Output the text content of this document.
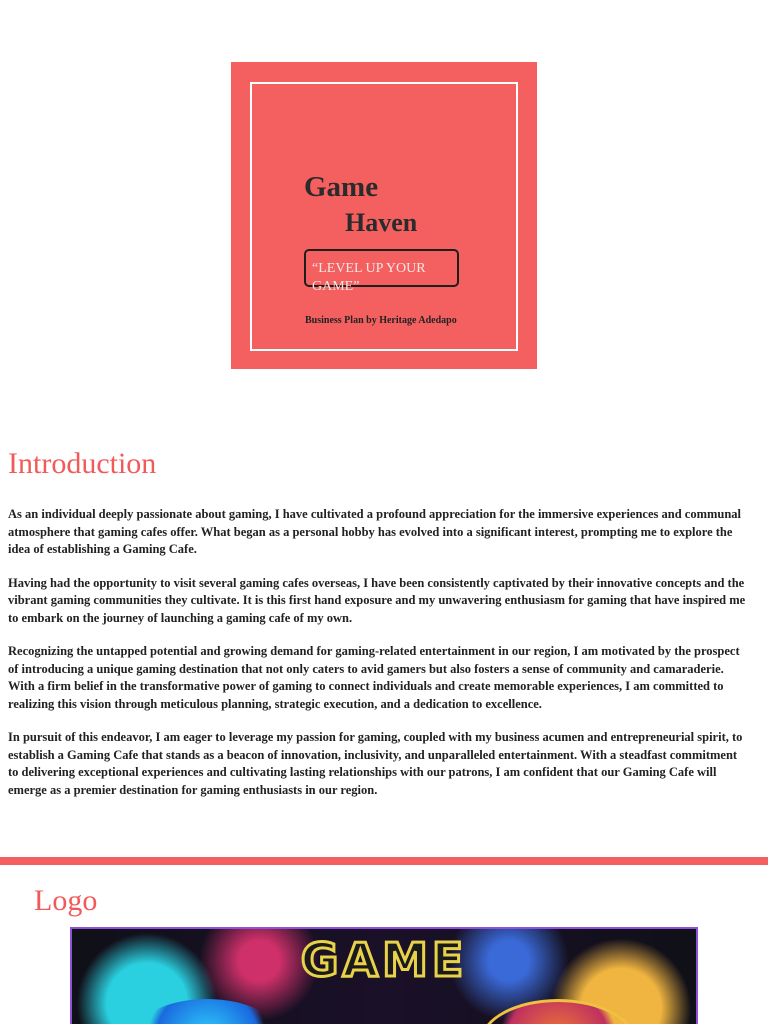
Game
Haven
“LEVEL UP YOUR GAME”
Business Plan by Heritage Adedapo
Introduction

As an individual deeply passionate about gaming, I have cultivated a profound appreciation for the immersive experiences and communal atmosphere that gaming cafes offer. What began as a personal hobby has evolved into a significant interest, prompting me to explore the idea of establishing a Gaming Cafe.

Having had the opportunity to visit several gaming cafes overseas, I have been consistently captivated by their innovative concepts and the vibrant gaming communities they cultivate. It is this first hand exposure and my unwavering enthusiasm for gaming that have inspired me to embark on the journey of launching a gaming cafe of my own.

Recognizing the untapped potential and growing demand for gaming-related entertainment in our region, I am motivated by the prospect of introducing a unique gaming destination that not only caters to avid gamers but also fosters a sense of community and camaraderie. With a firm belief in the transformative power of gaming to connect individuals and create memorable experiences, I am committed to realizing this vision through meticulous planning, strategic execution, and a dedication to excellence.

In pursuit of this endeavor, I am eager to leverage my passion for gaming, coupled with my business acumen and entrepreneurial spirit, to establish a Gaming Cafe that stands as a beacon of innovation, inclusivity, and unparalleled entertainment. With a steadfast commitment to delivering exceptional experiences and cultivating lasting relationships with our patrons, I am confident that our Gaming Cafe will emerge as a premier destination for gaming enthusiasts in our region.

Logo
GAME
